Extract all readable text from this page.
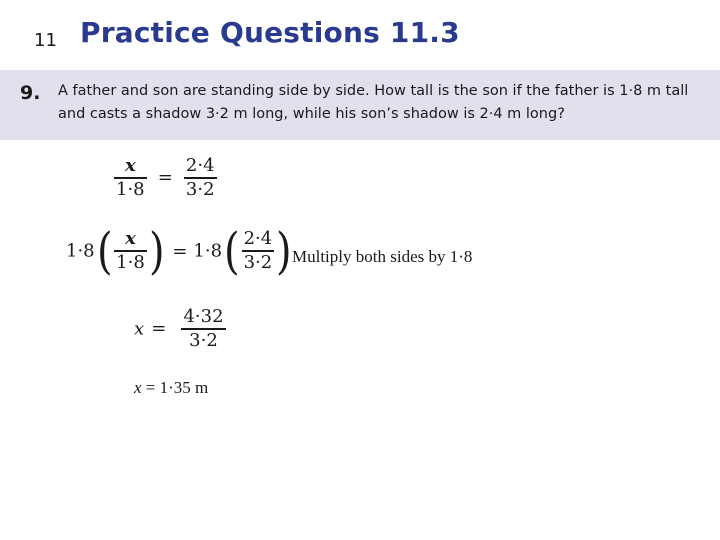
11 Practice Questions 11.3
9. A father and son are standing side by side. How tall is the son if the father is 1·8 m tall and casts a shadow 3·2 m long, while his son’s shadow is 2·4 m long?
$\frac{x}{1\cdot 8} = \frac{2\cdot 4}{3\cdot 2}$
$1\cdot 8( \frac{x}{1\cdot 8}$ ) = $1\cdot 8( \frac{2\cdot 4}{3\cdot 2}$ ) Multiply both sides by 1·8
$x = \frac{4\cdot 32}{3\cdot 2}$
x = 1·35 m
